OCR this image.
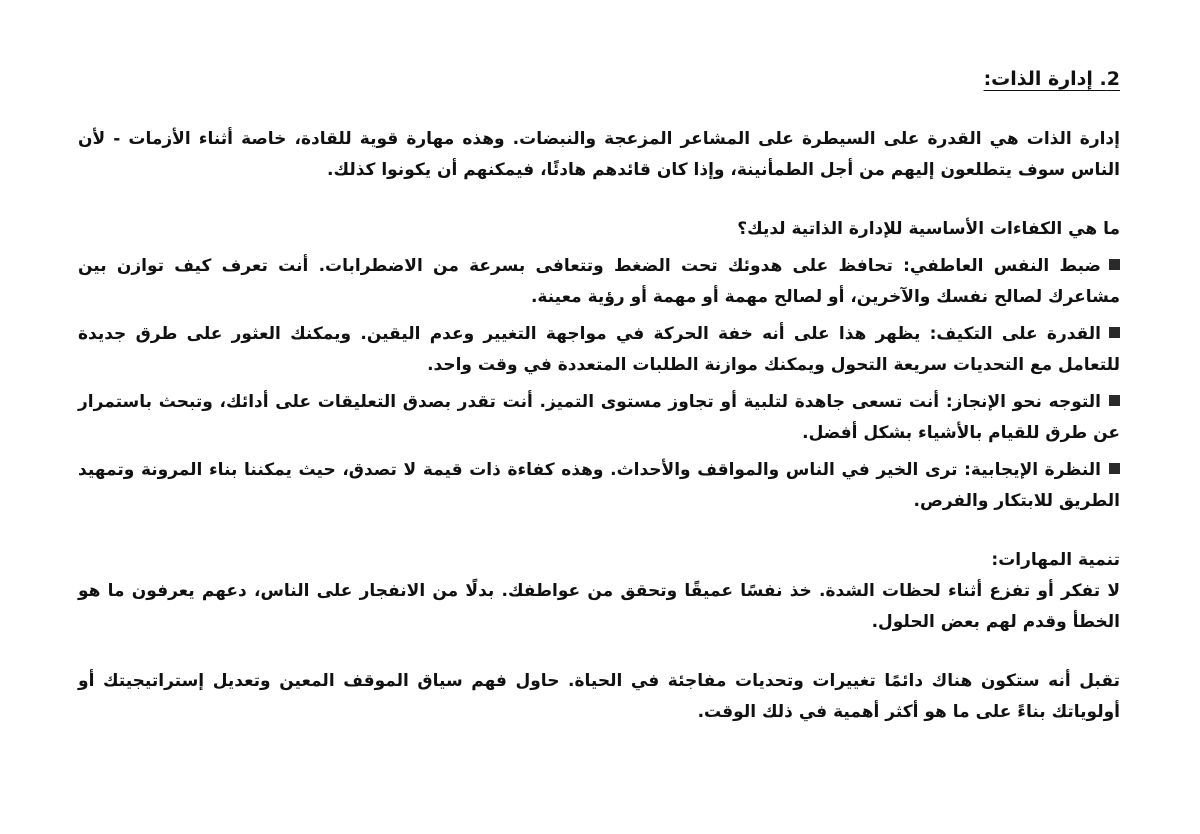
2. إدارة الذات:

إدارة الذات هي القدرة على السيطرة على المشاعر المزعجة والنبضات. وهذه مهارة قوية للقادة، خاصة أثناء الأزمات - لأن الناس سوف يتطلعون إليهم من أجل الطمأنينة، وإذا كان قائدهم هادئًا، فيمكنهم أن يكونوا كذلك.

ما هي الكفاءات الأساسية للإدارة الذاتية لديك؟

ضبط النفس العاطفي: تحافظ على هدوئك تحت الضغط وتتعافى بسرعة من الاضطرابات. أنت تعرف كيف توازن بين مشاعرك لصالح نفسك والآخرين، أو لصالح مهمة أو مهمة أو رؤية معينة.

القدرة على التكيف: يظهر هذا على أنه خفة الحركة في مواجهة التغيير وعدم اليقين. ويمكنك العثور على طرق جديدة للتعامل مع التحديات سريعة التحول ويمكنك موازنة الطلبات المتعددة في وقت واحد.

التوجه نحو الإنجاز: أنت تسعى جاهدة لتلبية أو تجاوز مستوى التميز. أنت تقدر بصدق التعليقات على أدائك، وتبحث باستمرار عن طرق للقيام بالأشياء بشكل أفضل.

النظرة الإيجابية: ترى الخير في الناس والمواقف والأحداث. وهذه كفاءة ذات قيمة لا تصدق، حيث يمكننا بناء المرونة وتمهيد الطريق للابتكار والفرص.

تنمية المهارات:

لا تفكر أو تفزع أثناء لحظات الشدة. خذ نفسًا عميقًا وتحقق من عواطفك. بدلًا من الانفجار على الناس، دعهم يعرفون ما هو الخطأ وقدم لهم بعض الحلول.

تقبل أنه ستكون هناك دائمًا تغييرات وتحديات مفاجئة في الحياة. حاول فهم سياق الموقف المعين وتعديل إستراتيجيتك أو أولوياتك بناءً على ما هو أكثر أهمية في ذلك الوقت.
